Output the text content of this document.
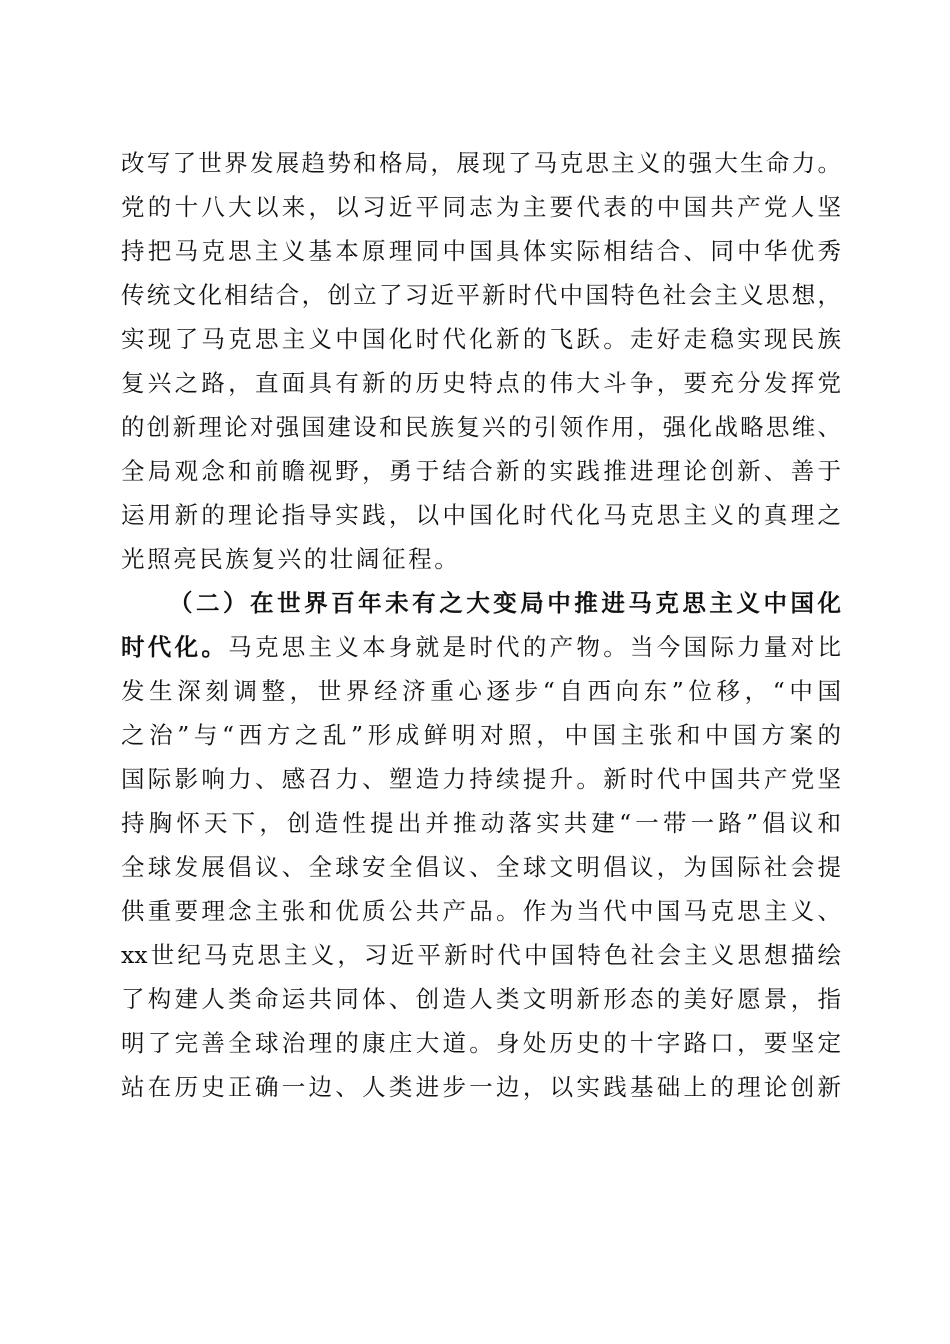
改写了世界发展趋势和格局，展现了马克思主义的强大生命力。
党的十八大以来，以习近平同志为主要代表的中国共产党人坚
持把马克思主义基本原理同中国具体实际相结合、同中华优秀
传统文化相结合，创立了习近平新时代中国特色社会主义思想，
实现了马克思主义中国化时代化新的飞跃。走好走稳实现民族
复兴之路，直面具有新的历史特点的伟大斗争，要充分发挥党
的创新理论对强国建设和民族复兴的引领作用，强化战略思维、
全局观念和前瞻视野，勇于结合新的实践推进理论创新、善于
运用新的理论指导实践，以中国化时代化马克思主义的真理之
光照亮民族复兴的壮阔征程。
（二）在世界百年未有之大变局中推进马克思主义中国化
时代化。马克思主义本身就是时代的产物。当今国际力量对比
发生深刻调整，世界经济重心逐步“自西向东”位移，“中国
之治”与“西方之乱”形成鲜明对照，中国主张和中国方案的
国际影响力、感召力、塑造力持续提升。新时代中国共产党坚
持胸怀天下，创造性提出并推动落实共建“一带一路”倡议和
全球发展倡议、全球安全倡议、全球文明倡议，为国际社会提
供重要理念主张和优质公共产品。作为当代中国马克思主义、
xx世纪马克思主义，习近平新时代中国特色社会主义思想描绘
了构建人类命运共同体、创造人类文明新形态的美好愿景，指
明了完善全球治理的康庄大道。身处历史的十字路口，要坚定
站在历史正确一边、人类进步一边，以实践基础上的理论创新
